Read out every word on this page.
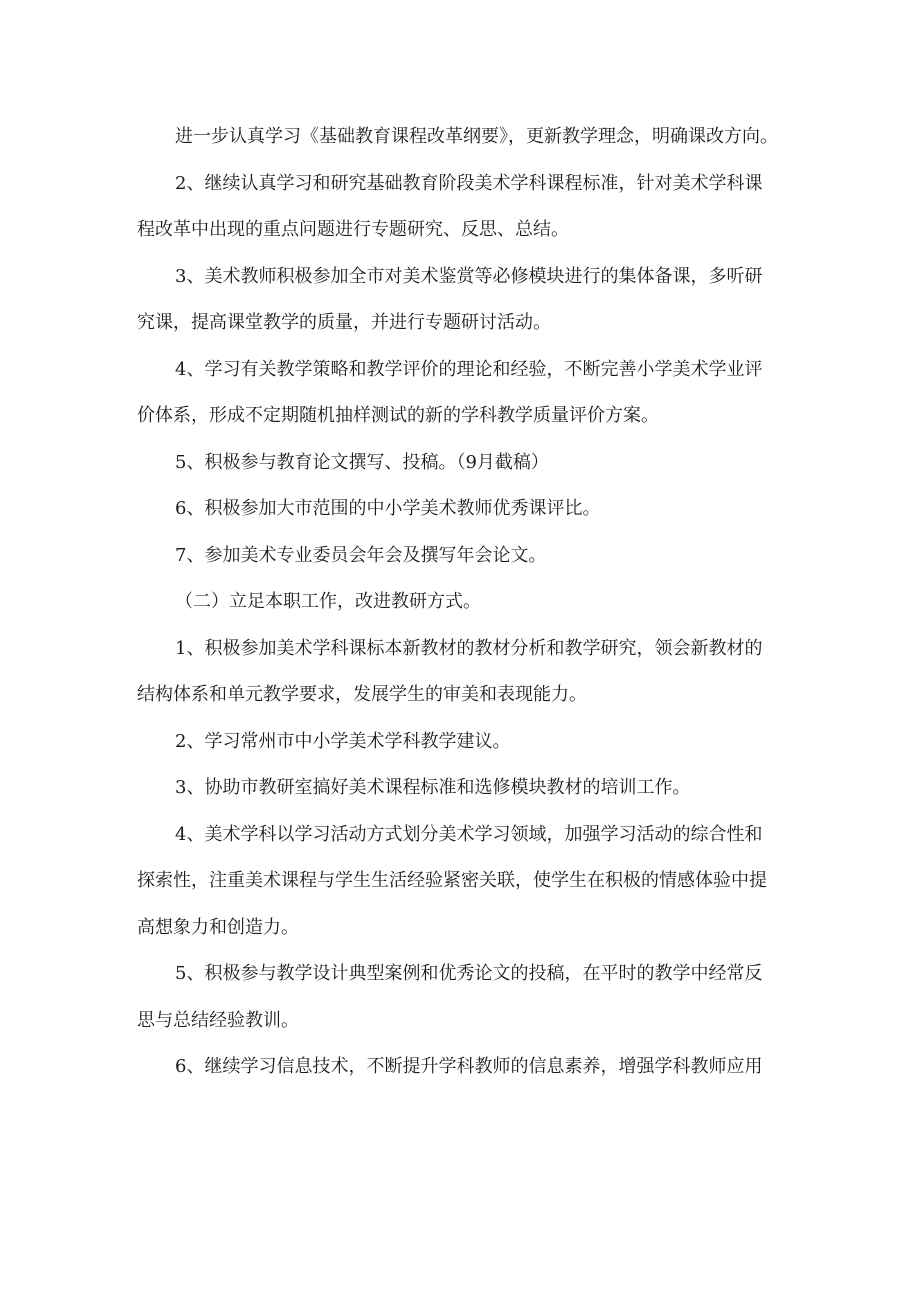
进一步认真学习《基础教育课程改革纲要》，更新教学理念，明确课改方向。

2、继续认真学习和研究基础教育阶段美术学科课程标准，针对美术学科课

程改革中出现的重点问题进行专题研究、反思、总结。

3、美术教师积极参加全市对美术鉴赏等必修模块进行的集体备课，多听研

究课，提高课堂教学的质量，并进行专题研讨活动。

4、学习有关教学策略和教学评价的理论和经验，不断完善小学美术学业评

价体系，形成不定期随机抽样测试的新的学科教学质量评价方案。

5、积极参与教育论文撰写、投稿。（9月截稿）

6、积极参加大市范围的中小学美术教师优秀课评比。

7、参加美术专业委员会年会及撰写年会论文。

（二）立足本职工作，改进教研方式。

1、积极参加美术学科课标本新教材的教材分析和教学研究，领会新教材的

结构体系和单元教学要求，发展学生的审美和表现能力。

2、学习常州市中小学美术学科教学建议。

3、协助市教研室搞好美术课程标准和选修模块教材的培训工作。

4、美术学科以学习活动方式划分美术学习领域，加强学习活动的综合性和

探索性，注重美术课程与学生生活经验紧密关联，使学生在积极的情感体验中提

高想象力和创造力。

5、积极参与教学设计典型案例和优秀论文的投稿，在平时的教学中经常反

思与总结经验教训。

6、继续学习信息技术，不断提升学科教师的信息素养，增强学科教师应用
